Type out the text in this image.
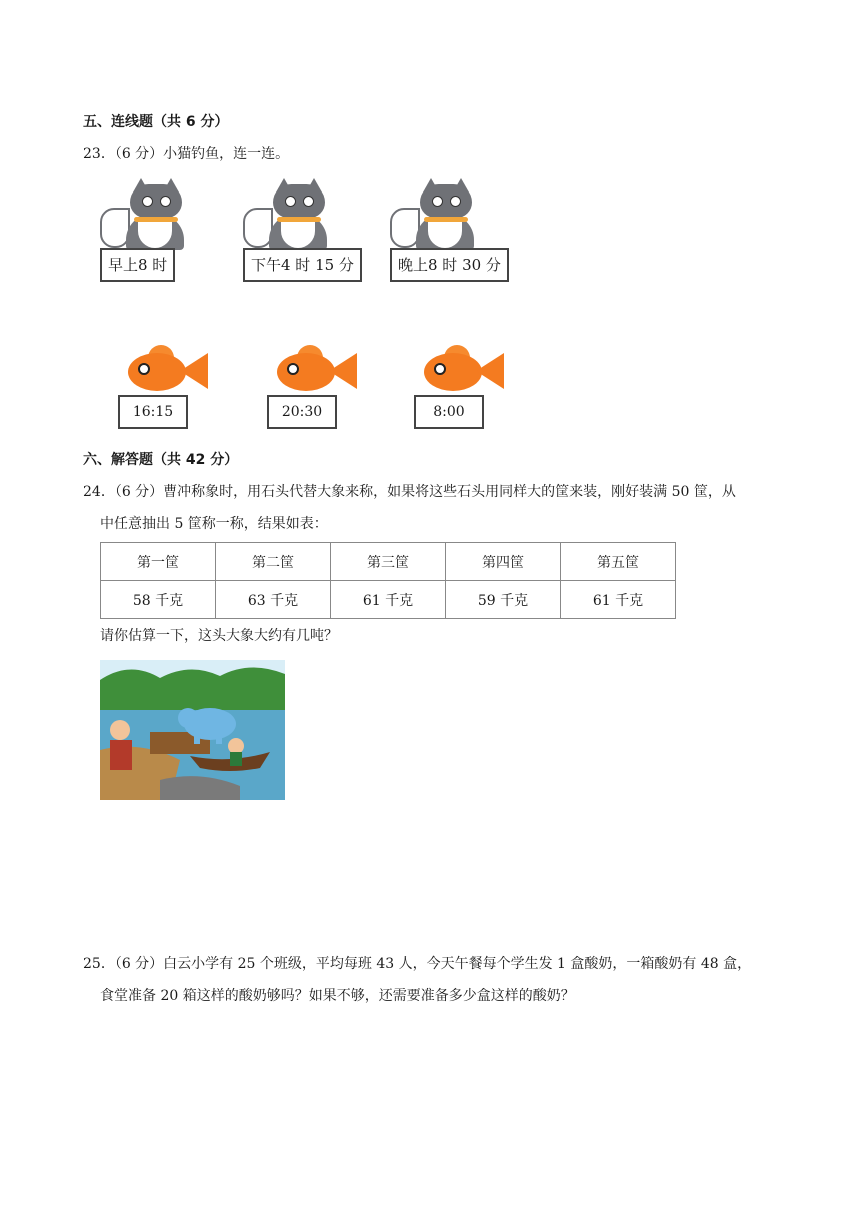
五、连线题（共 6 分）
23．（6 分）小猫钓鱼，连一连。
早上8 时	下午4 时 15 分	晚上8 时 30 分
16:15	20:30	8:00
六、解答题（共 42 分）
24．（6 分）曹冲称象时，用石头代替大象来称，如果将这些石头用同样大的筐来装，刚好装满 50 筐，从
中任意抽出 5 筐称一称，结果如表：
第一筐	第二筐	第三筐	第四筐	第五筐
58 千克	63 千克	61 千克	59 千克	61 千克
请你估算一下，这头大象大约有几吨？
25．（6 分）白云小学有 25 个班级，平均每班 43 人，今天午餐每个学生发 1 盒酸奶，一箱酸奶有 48 盒，
食堂准备 20 箱这样的酸奶够吗？如果不够，还需要准备多少盒这样的酸奶？
